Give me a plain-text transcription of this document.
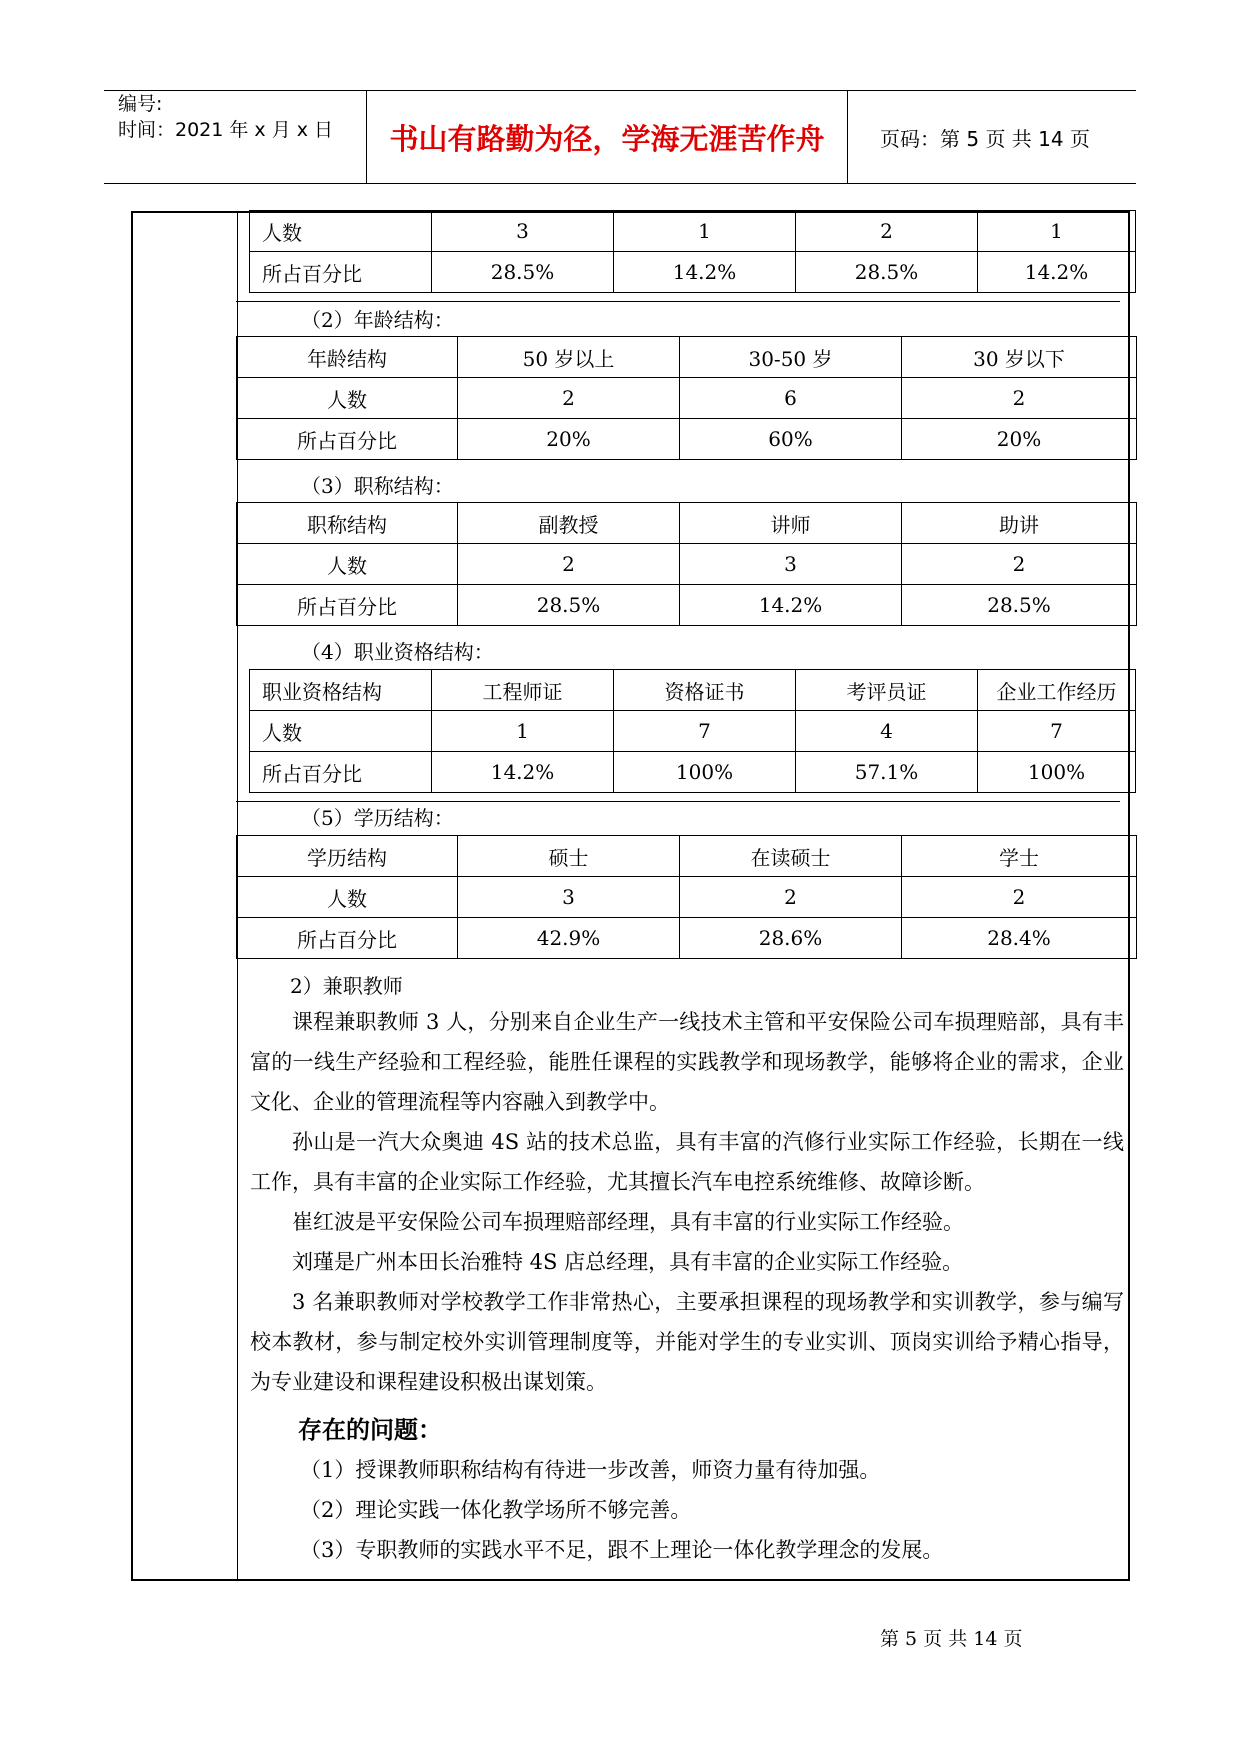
编号:
时间：2021 年 x 月 x 日	书山有路勤为径，学海无涯苦作舟	页码：第 5 页 共 14 页
人数	3	1	2	1
所占百分比	28.5%	14.2%	28.5%	14.2%
（2）年龄结构：
年龄结构	50 岁以上	30-50 岁	30 岁以下
人数	2	6	2
所占百分比	20%	60%	20%
（3）职称结构：
职称结构	副教授	讲师	助讲
人数	2	3	2
所占百分比	28.5%	14.2%	28.5%
（4）职业资格结构：
职业资格结构	工程师证	资格证书	考评员证	企业工作经历
人数	1	7	4	7
所占百分比	14.2%	100%	57.1%	100%
（5）学历结构：
学历结构	硕士	在读硕士	学士
人数	3	2	2
所占百分比	42.9%	28.6%	28.4%
2）兼职教师

课程兼职教师 3 人，分别来自企业生产一线技术主管和平安保险公司车损理赔部，具有丰富的一线生产经验和工程经验，能胜任课程的实践教学和现场教学，能够将企业的需求，企业文化、企业的管理流程等内容融入到教学中。

孙山是一汽大众奥迪 4S 站的技术总监，具有丰富的汽修行业实际工作经验，长期在一线工作，具有丰富的企业实际工作经验，尤其擅长汽车电控系统维修、故障诊断。

崔红波是平安保险公司车损理赔部经理，具有丰富的行业实际工作经验。

刘瑾是广州本田长治雅特 4S 店总经理，具有丰富的企业实际工作经验。

3 名兼职教师对学校教学工作非常热心，主要承担课程的现场教学和实训教学，参与编写校本教材，参与制定校外实训管理制度等，并能对学生的专业实训、顶岗实训给予精心指导，为专业建设和课程建设积极出谋划策。

存在的问题：
（1）授课教师职称结构有待进一步改善，师资力量有待加强。
（2）理论实践一体化教学场所不够完善。
（3）专职教师的实践水平不足，跟不上理论一体化教学理念的发展。
第 5 页 共 14 页
